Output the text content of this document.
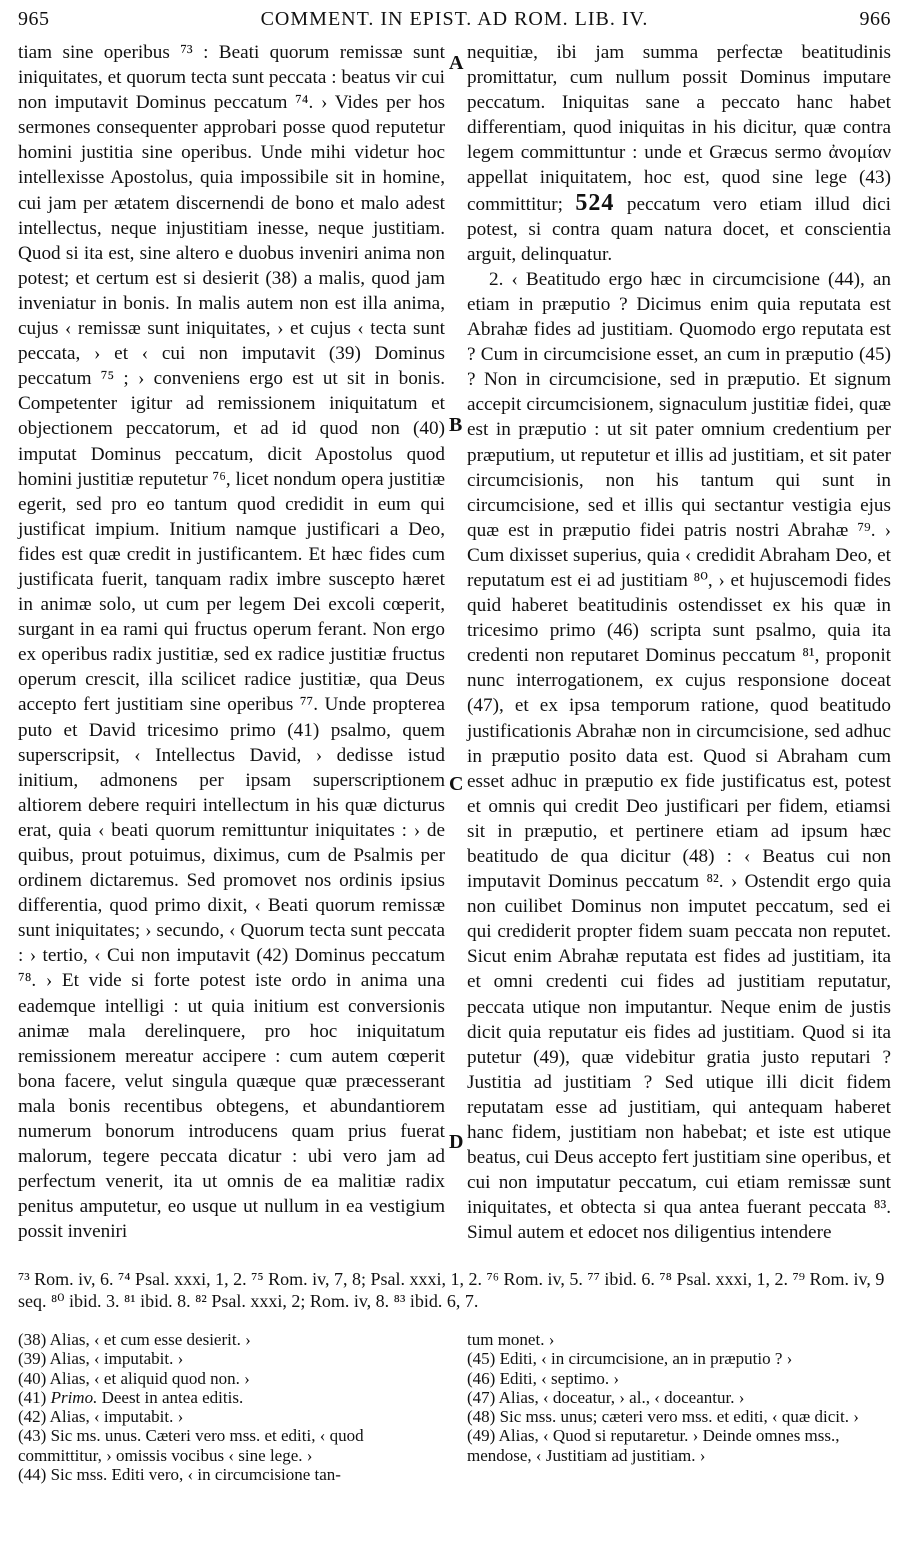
965	COMMENT. IN EPIST. AD ROM. LIB. IV.	966

tiam sine operibus ⁷³ : Beati quorum remissæ sunt iniquitates, et quorum tecta sunt peccata : beatus vir cui non imputavit Dominus peccatum ⁷⁴. › Vides per hos sermones consequenter approbari posse quod reputetur homini justitia sine operibus. Unde mihi videtur hoc intellexisse Apostolus, quia impossibile sit in homine, cui jam per ætatem discernendi de bono et malo adest intellectus, neque injustitiam inesse, neque justitiam. Quod si ita est, sine altero e duobus inveniri anima non potest; et certum est si desierit (38) a malis, quod jam inveniatur in bonis. In malis autem non est illa anima, cujus ‹ remissæ sunt iniquitates, › et cujus ‹ tecta sunt peccata, › et ‹ cui non imputavit (39) Dominus peccatum ⁷⁵ ; › conveniens ergo est ut sit in bonis. Competenter igitur ad remissionem iniquitatum et objectionem peccatorum, et ad id quod non (40) imputat Dominus peccatum, dicit Apostolus quod homini justitiæ reputetur ⁷⁶, licet nondum opera justitiæ egerit, sed pro eo tantum quod credidit in eum qui justificat impium. Initium namque justificari a Deo, fides est quæ credit in justificantem. Et hæc fides cum justificata fuerit, tanquam radix imbre suscepto hæret in animæ solo, ut cum per legem Dei excoli cœperit, surgant in ea rami qui fructus operum ferant. Non ergo ex operibus radix justitiæ, sed ex radice justitiæ fructus operum crescit, illa scilicet radice justitiæ, qua Deus accepto fert justitiam sine operibus ⁷⁷. Unde propterea puto et David tricesimo primo (41) psalmo, quem superscripsit, ‹ Intellectus David, › dedisse istud initium, admonens per ipsam superscriptionem altiorem debere requiri intellectum in his quæ dicturus erat, quia ‹ beati quorum remittuntur iniquitates : › de quibus, prout potuimus, diximus, cum de Psalmis per ordinem dictaremus. Sed promovet nos ordinis ipsius differentia, quod primo dixit, ‹ Beati quorum remissæ sunt iniquitates; › secundo, ‹ Quorum tecta sunt peccata : › tertio, ‹ Cui non imputavit (42) Dominus peccatum ⁷⁸. › Et vide si forte potest iste ordo in anima una eademque intelligi : ut quia initium est conversionis animæ mala derelinquere, pro hoc iniquitatum remissionem mereatur accipere : cum autem cœperit bona facere, velut singula quæque quæ præcesserant mala bonis recentibus obtegens, et abundantiorem numerum bonorum introducens quam prius fuerat malorum, tegere peccata dicatur : ubi vero jam ad perfectum venerit, ita ut omnis de ea malitiæ radix penitus amputetur, eo usque ut nullum in ea vestigium possit inveniri

A
B
C
D

nequitiæ, ibi jam summa perfectæ beatitudinis promittatur, cum nullum possit Dominus imputare peccatum. Iniquitas sane a peccato hanc habet differentiam, quod iniquitas in his dicitur, quæ contra legem committuntur : unde et Græcus sermo ἀνομίαν appellat iniquitatem, hoc est, quod sine lege (43) committitur; 524 peccatum vero etiam illud dici potest, si contra quam natura docet, et conscientia arguit, delinquatur.

2. ‹ Beatitudo ergo hæc in circumcisione (44), an etiam in præputio ? Dicimus enim quia reputata est Abrahæ fides ad justitiam. Quomodo ergo reputata est ? Cum in circumcisione esset, an cum in præputio (45) ? Non in circumcisione, sed in præputio. Et signum accepit circumcisionem, signaculum justitiæ fidei, quæ est in præputio : ut sit pater omnium credentium per præputium, ut reputetur et illis ad justitiam, et sit pater circumcisionis, non his tantum qui sunt in circumcisione, sed et illis qui sectantur vestigia ejus quæ est in præputio fidei patris nostri Abrahæ ⁷⁹. › Cum dixisset superius, quia ‹ credidit Abraham Deo, et reputatum est ei ad justitiam ⁸⁰, › et hujuscemodi fides quid haberet beatitudinis ostendisset ex his quæ in tricesimo primo (46) scripta sunt psalmo, quia ita credenti non reputaret Dominus peccatum ⁸¹, proponit nunc interrogationem, ex cujus responsione doceat (47), et ex ipsa temporum ratione, quod beatitudo justificationis Abrahæ non in circumcisione, sed adhuc in præputio posito data est. Quod si Abraham cum esset adhuc in præputio ex fide justificatus est, potest et omnis qui credit Deo justificari per fidem, etiamsi sit in præputio, et pertinere etiam ad ipsum hæc beatitudo de qua dicitur (48) : ‹ Beatus cui non imputavit Dominus peccatum ⁸². › Ostendit ergo quia non cuilibet Dominus non imputet peccatum, sed ei qui crediderit propter fidem suam peccata non reputet. Sicut enim Abrahæ reputata est fides ad justitiam, ita et omni credenti cui fides ad justitiam reputatur, peccata utique non imputantur. Neque enim de justis dicit quia reputatur eis fides ad justitiam. Quod si ita putetur (49), quæ videbitur gratia justo reputari ? Justitia ad justitiam ? Sed utique illi dicit fidem reputatam esse ad justitiam, qui antequam haberet hanc fidem, justitiam non habebat; et iste est utique beatus, cui Deus accepto fert justitiam sine operibus, et cui non imputatur peccatum, cui etiam remissæ sunt iniquitates, et obtecta si qua antea fuerant peccata ⁸³. Simul autem et edocet nos diligentius intendere

⁷³ Rom. iv, 6. ⁷⁴ Psal. xxxi, 1, 2. ⁷⁵ Rom. iv, 7, 8; Psal. xxxi, 1, 2. ⁷⁶ Rom. iv, 5. ⁷⁷ ibid. 6. ⁷⁸ Psal. xxxi, 1, 2. ⁷⁹ Rom. iv, 9 seq. ⁸⁰ ibid. 3. ⁸¹ ibid. 8. ⁸² Psal. xxxi, 2; Rom. iv, 8. ⁸³ ibid. 6, 7.

(38) Alias, ‹ et cum esse desierit. ›

(39) Alias, ‹ imputabit. ›

(40) Alias, ‹ et aliquid quod non. ›

(41) Primo. Deest in antea editis.

(42) Alias, ‹ imputabit. ›

(43) Sic ms. unus. Cæteri vero mss. et editi, ‹ quod committitur, › omissis vocibus ‹ sine lege. ›

(44) Sic mss. Editi vero, ‹ in circumcisione tan-

tum monet. ›

(45) Editi, ‹ in circumcisione, an in præputio ? ›

(46) Editi, ‹ septimo. ›

(47) Alias, ‹ doceatur, › al., ‹ doceantur. ›

(48) Sic mss. unus; cæteri vero mss. et editi, ‹ quæ dicit. ›

(49) Alias, ‹ Quod si reputaretur. › Deinde omnes mss., mendose, ‹ Justitiam ad justitiam. ›
